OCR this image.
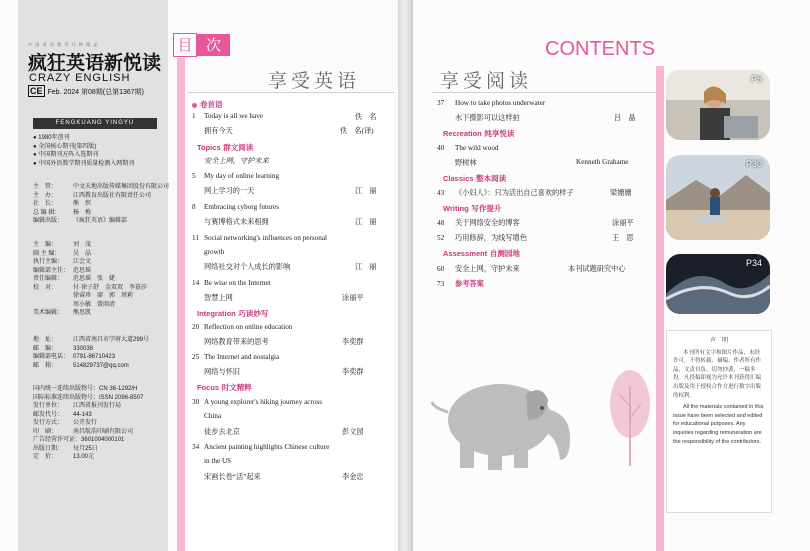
中 国 英 语 教 学 刊 物 精 品
疯狂英语新悦读
CRAZY ENGLISH
CE Feb. 2024 第08期(总第1367期)
FENGKUANG YINGYU
● 1980年创刊
● 全国核心期刊(第四版)
● 中国期刊方阵入选期刊
● 中国外语教学期刊质量检测入网期刊
主　管：	中文天地出版传媒集团股份有限公司
主　办：	江西教育出版社有限责任公司
社　长：	熊　炽
总 编 辑： 杨　梅
编辑出版： 《疯狂英语》编辑部
主　编：	刘　茂
副 主 编： 吴　晶
执行主编： 江会文
编辑部主任： 范思瑶
责任编辑： 范思瑶　张　婕
校　对：	付·徐子舒　金双双　李慕莎
徐睿珍　廖　郭　周莉
周小敏　曾雨清
美术编辑： 熊思凯
地　址：	江西省南昌市学府大道299号
邮　编：	330038
编辑部电话： 0791-86710423
邮　箱：	514829737@qq.com
国内统一连续出版物号：CN 36-1292/H
国际标准连续出版物号：ISSN 2096-8507
发行单位： 江西省报刊发行局
邮发代号： 44-143
发行方式： 公开发行
印　刷：	南昌航浩印刷有限公司
广告经营许可证：3601004000101
出版日期： 每月25日
定　价：	13.00元
目 次
享受英语
卷首语
1 Today is all we have	佚　名
拥有今天	佚　名(译)
Topics 群文阅读
安全上网，守护未来
5 My day of online learning
网上学习的一天	江　丽
8 Embracing cyborg futures
与赛博格式未来相拥	江　丽
11 Social networking's influences on personal
growth
网络社交对个人成长的影响	江　丽
14 Be wise on the Internet
智慧上网	涂丽平
Integration 巧读妙写
20 Reflection on online education
网络教育带来的思考	李奕群
25 The Internet and nostalgia
网络与怀旧	李奕群
Focus 时文精粹
30 A young explorer's hiking journey across
China
徒步去北京	彭文园
34 Ancient painting highlights Chinese culture
in the US
宋画长卷“活”起来	李金忠
CONTENTS
享受阅读
37 How to take photos underwater
水下摄影可以这样拍	吕　晶
Recreation 纯享悦读
40 The wild wood
野树林	Kenneth Grahame
Classics 整本阅读
43 《小妇人》：只为活出自己喜欢的样子	梁姗姗
Writing 写作提升
48 关于网络安全的博客	涂丽平
52 巧用修辞，为线写增色	王　思
Assessment 自测园地
60 安全上网，守护未来	本刊试题研究中心
73 参考答案
P5
P30
P34
声　明

本刊所有文字和图片作品，未经许可，不得转载、摘编。作者所有作品，文责自负。切勿抄袭，一稿多投。凡投稿即视为允许本刊获得汇编出版及用于授权合作方进行数字出版的权利。

All the materials contained in this issue have been selected and edited for educational purposes. Any inquiries regarding remuneration are the responsibility of the contributors.
